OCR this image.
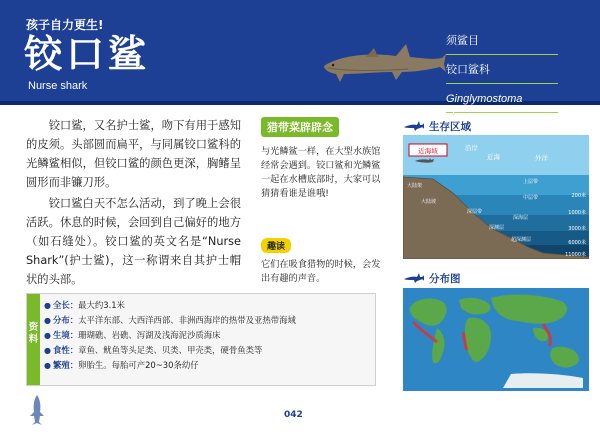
孩子自力更生!
铰口鲨
Nurse shark
须鲨目
铰口鲨科
Ginglymostoma cirratum

铰口鲨，又名护士鲨，吻下有用于感知的皮须。头部圆而扁平，与同属铰口鲨科的光鳞鲨相似，但铰口鲨的颜色更深，胸鳍呈圆形而非镰刀形。

铰口鲨白天不怎么活动，到了晚上会很活跃。休息的时候，会回到自己偏好的地方（如石缝处）。铰口鲨的英文名是“Nurse Shark”(护士鲨)，这一称谓来自其护士帽状的头部。

猎带菜辟辟念
与光鳞鲨一样，在大型水族馆经常会遇到。铰口鲨和光鳞鲨一起在水槽底部时，大家可以猜猜看谁是谁哦!
趣读
它们在吸食猎物的时候，会发出有趣的声音。
生存区域
近海域	沿岸
近海	外洋
大陆架
大陆坡
上层带
中层带
深层带
深海层
深渊层
超深渊层
200米
1000米
3000米
6000米
11000米
分布图
资
料
● 全长：最大约3.1米
● 分布：太平洋东部、大西洋西部、非洲西海岸的热带及亚热带海域
● 生境：珊瑚礁、岩礁、泻湖及浅海泥沙质海床
● 食性：章鱼、鱿鱼等头足类、贝类、甲壳类，硬骨鱼类等
● 繁殖：卵胎生。每胎可产20~30条幼仔
042
